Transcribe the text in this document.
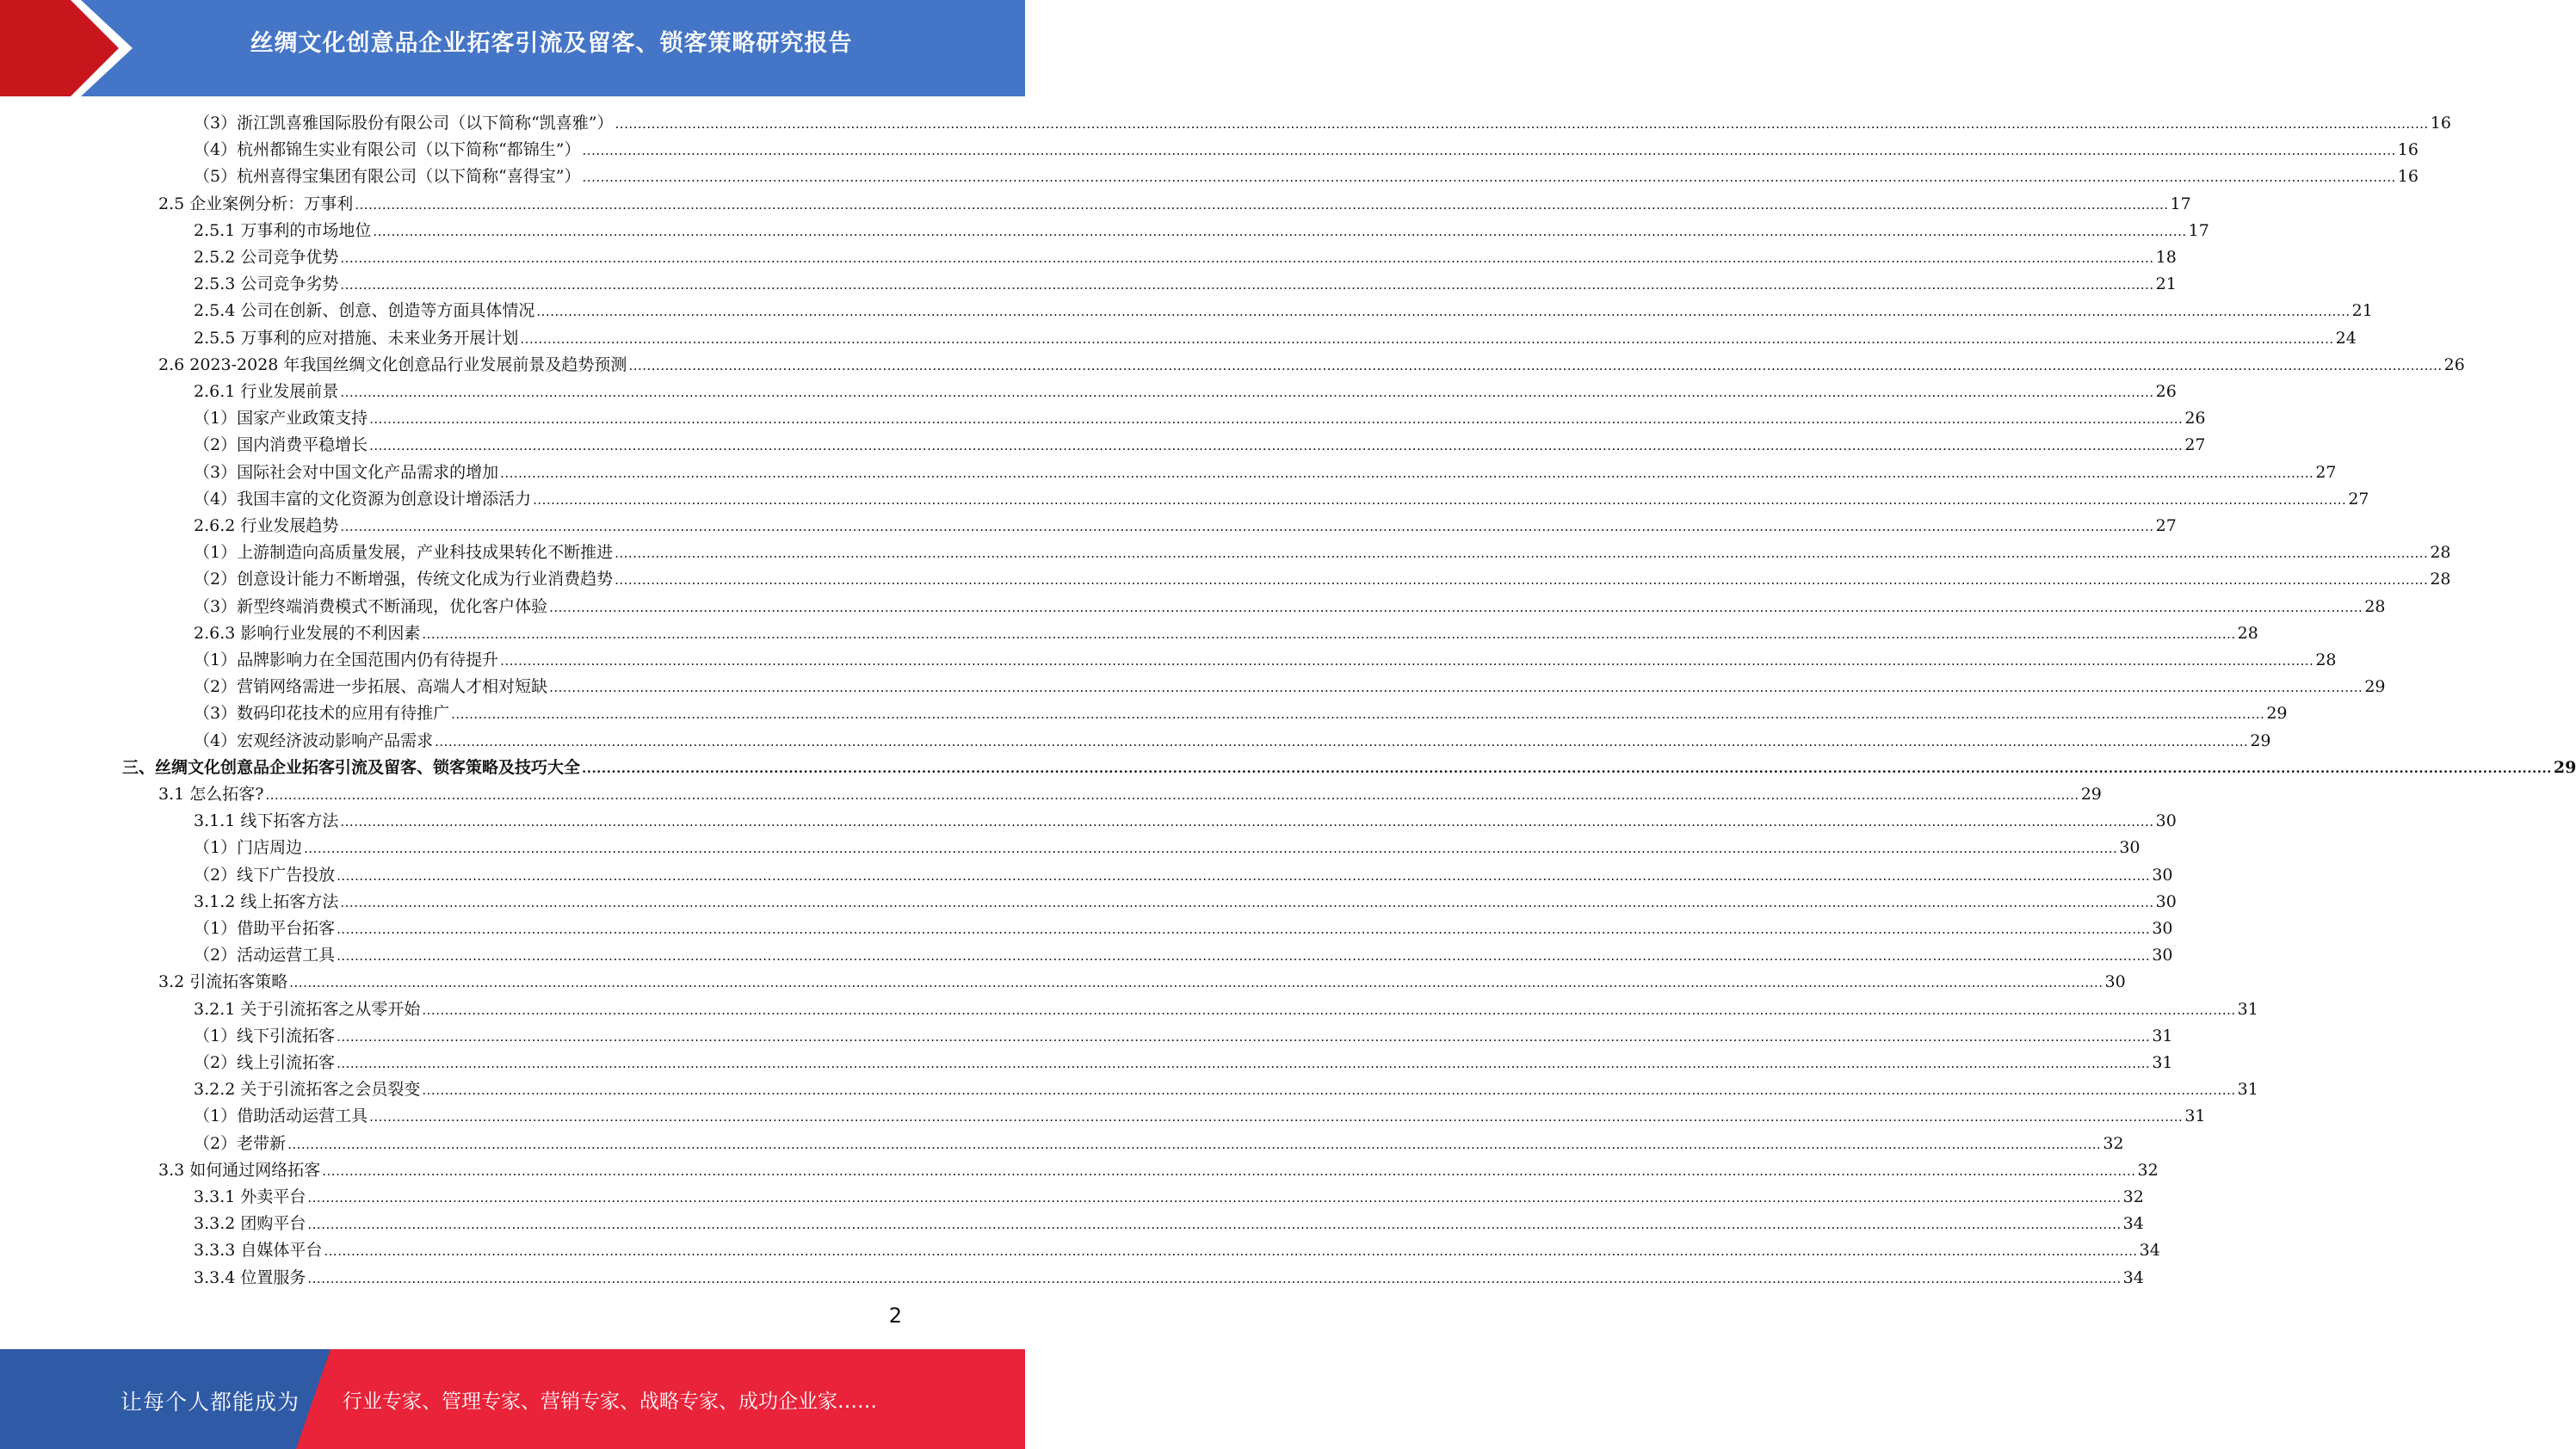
丝绸文化创意品企业拓客引流及留客、锁客策略研究报告
（3）浙江凯喜雅国际股份有限公司（以下简称“凯喜雅”） ................................................................................................................................................................................................................................................................................................................................................................................................................ 16
（4）杭州都锦生实业有限公司（以下简称“都锦生”） ................................................................................................................................................................................................................................................................................................................................................................................................................ 16
（5）杭州喜得宝集团有限公司（以下简称“喜得宝”） ................................................................................................................................................................................................................................................................................................................................................................................................................ 16
2.5 企业案例分析：万事利 ................................................................................................................................................................................................................................................................................................................................................................................................................ 17
2.5.1 万事利的市场地位 ................................................................................................................................................................................................................................................................................................................................................................................................................ 17
2.5.2 公司竞争优势 ................................................................................................................................................................................................................................................................................................................................................................................................................ 18
2.5.3 公司竞争劣势 ................................................................................................................................................................................................................................................................................................................................................................................................................ 21
2.5.4 公司在创新、创意、创造等方面具体情况 ................................................................................................................................................................................................................................................................................................................................................................................................................ 21
2.5.5 万事利的应对措施、未来业务开展计划 ................................................................................................................................................................................................................................................................................................................................................................................................................ 24
2.6 2023-2028 年我国丝绸文化创意品行业发展前景及趋势预测 ................................................................................................................................................................................................................................................................................................................................................................................................................ 26
2.6.1 行业发展前景 ................................................................................................................................................................................................................................................................................................................................................................................................................ 26
（1）国家产业政策支持 ................................................................................................................................................................................................................................................................................................................................................................................................................ 26
（2）国内消费平稳增长 ................................................................................................................................................................................................................................................................................................................................................................................................................ 27
（3）国际社会对中国文化产品需求的增加 ................................................................................................................................................................................................................................................................................................................................................................................................................ 27
（4）我国丰富的文化资源为创意设计增添活力 ................................................................................................................................................................................................................................................................................................................................................................................................................ 27
2.6.2 行业发展趋势 ................................................................................................................................................................................................................................................................................................................................................................................................................ 27
（1）上游制造向高质量发展，产业科技成果转化不断推进 ................................................................................................................................................................................................................................................................................................................................................................................................................ 28
（2）创意设计能力不断增强，传统文化成为行业消费趋势 ................................................................................................................................................................................................................................................................................................................................................................................................................ 28
（3）新型终端消费模式不断涌现，优化客户体验 ................................................................................................................................................................................................................................................................................................................................................................................................................ 28
2.6.3 影响行业发展的不利因素 ................................................................................................................................................................................................................................................................................................................................................................................................................ 28
（1）品牌影响力在全国范围内仍有待提升 ................................................................................................................................................................................................................................................................................................................................................................................................................ 28
（2）营销网络需进一步拓展、高端人才相对短缺 ................................................................................................................................................................................................................................................................................................................................................................................................................ 29
（3）数码印花技术的应用有待推广 ................................................................................................................................................................................................................................................................................................................................................................................................................ 29
（4）宏观经济波动影响产品需求 ................................................................................................................................................................................................................................................................................................................................................................................................................ 29
三、丝绸文化创意品企业拓客引流及留客、锁客策略及技巧大全 ................................................................................................................................................................................................................................................................................................................................................................................................................ 29
3.1 怎么拓客? ................................................................................................................................................................................................................................................................................................................................................................................................................ 29
3.1.1 线下拓客方法 ................................................................................................................................................................................................................................................................................................................................................................................................................ 30
（1）门店周边 ................................................................................................................................................................................................................................................................................................................................................................................................................ 30
（2）线下广告投放 ................................................................................................................................................................................................................................................................................................................................................................................................................ 30
3.1.2 线上拓客方法 ................................................................................................................................................................................................................................................................................................................................................................................................................ 30
（1）借助平台拓客 ................................................................................................................................................................................................................................................................................................................................................................................................................ 30
（2）活动运营工具 ................................................................................................................................................................................................................................................................................................................................................................................................................ 30
3.2 引流拓客策略 ................................................................................................................................................................................................................................................................................................................................................................................................................ 30
3.2.1 关于引流拓客之从零开始 ................................................................................................................................................................................................................................................................................................................................................................................................................ 31
（1）线下引流拓客 ................................................................................................................................................................................................................................................................................................................................................................................................................ 31
（2）线上引流拓客 ................................................................................................................................................................................................................................................................................................................................................................................................................ 31
3.2.2 关于引流拓客之会员裂变 ................................................................................................................................................................................................................................................................................................................................................................................................................ 31
（1）借助活动运营工具 ................................................................................................................................................................................................................................................................................................................................................................................................................ 31
（2）老带新 ................................................................................................................................................................................................................................................................................................................................................................................................................ 32
3.3 如何通过网络拓客 ................................................................................................................................................................................................................................................................................................................................................................................................................ 32
3.3.1 外卖平台 ................................................................................................................................................................................................................................................................................................................................................................................................................ 32
3.3.2 团购平台 ................................................................................................................................................................................................................................................................................................................................................................................................................ 34
3.3.3 自媒体平台 ................................................................................................................................................................................................................................................................................................................................................................................................................ 34
3.3.4 位置服务 ................................................................................................................................................................................................................................................................................................................................................................................................................ 34
2
让每个人都能成为 行业专家、管理专家、营销专家、战略专家、成功企业家……
